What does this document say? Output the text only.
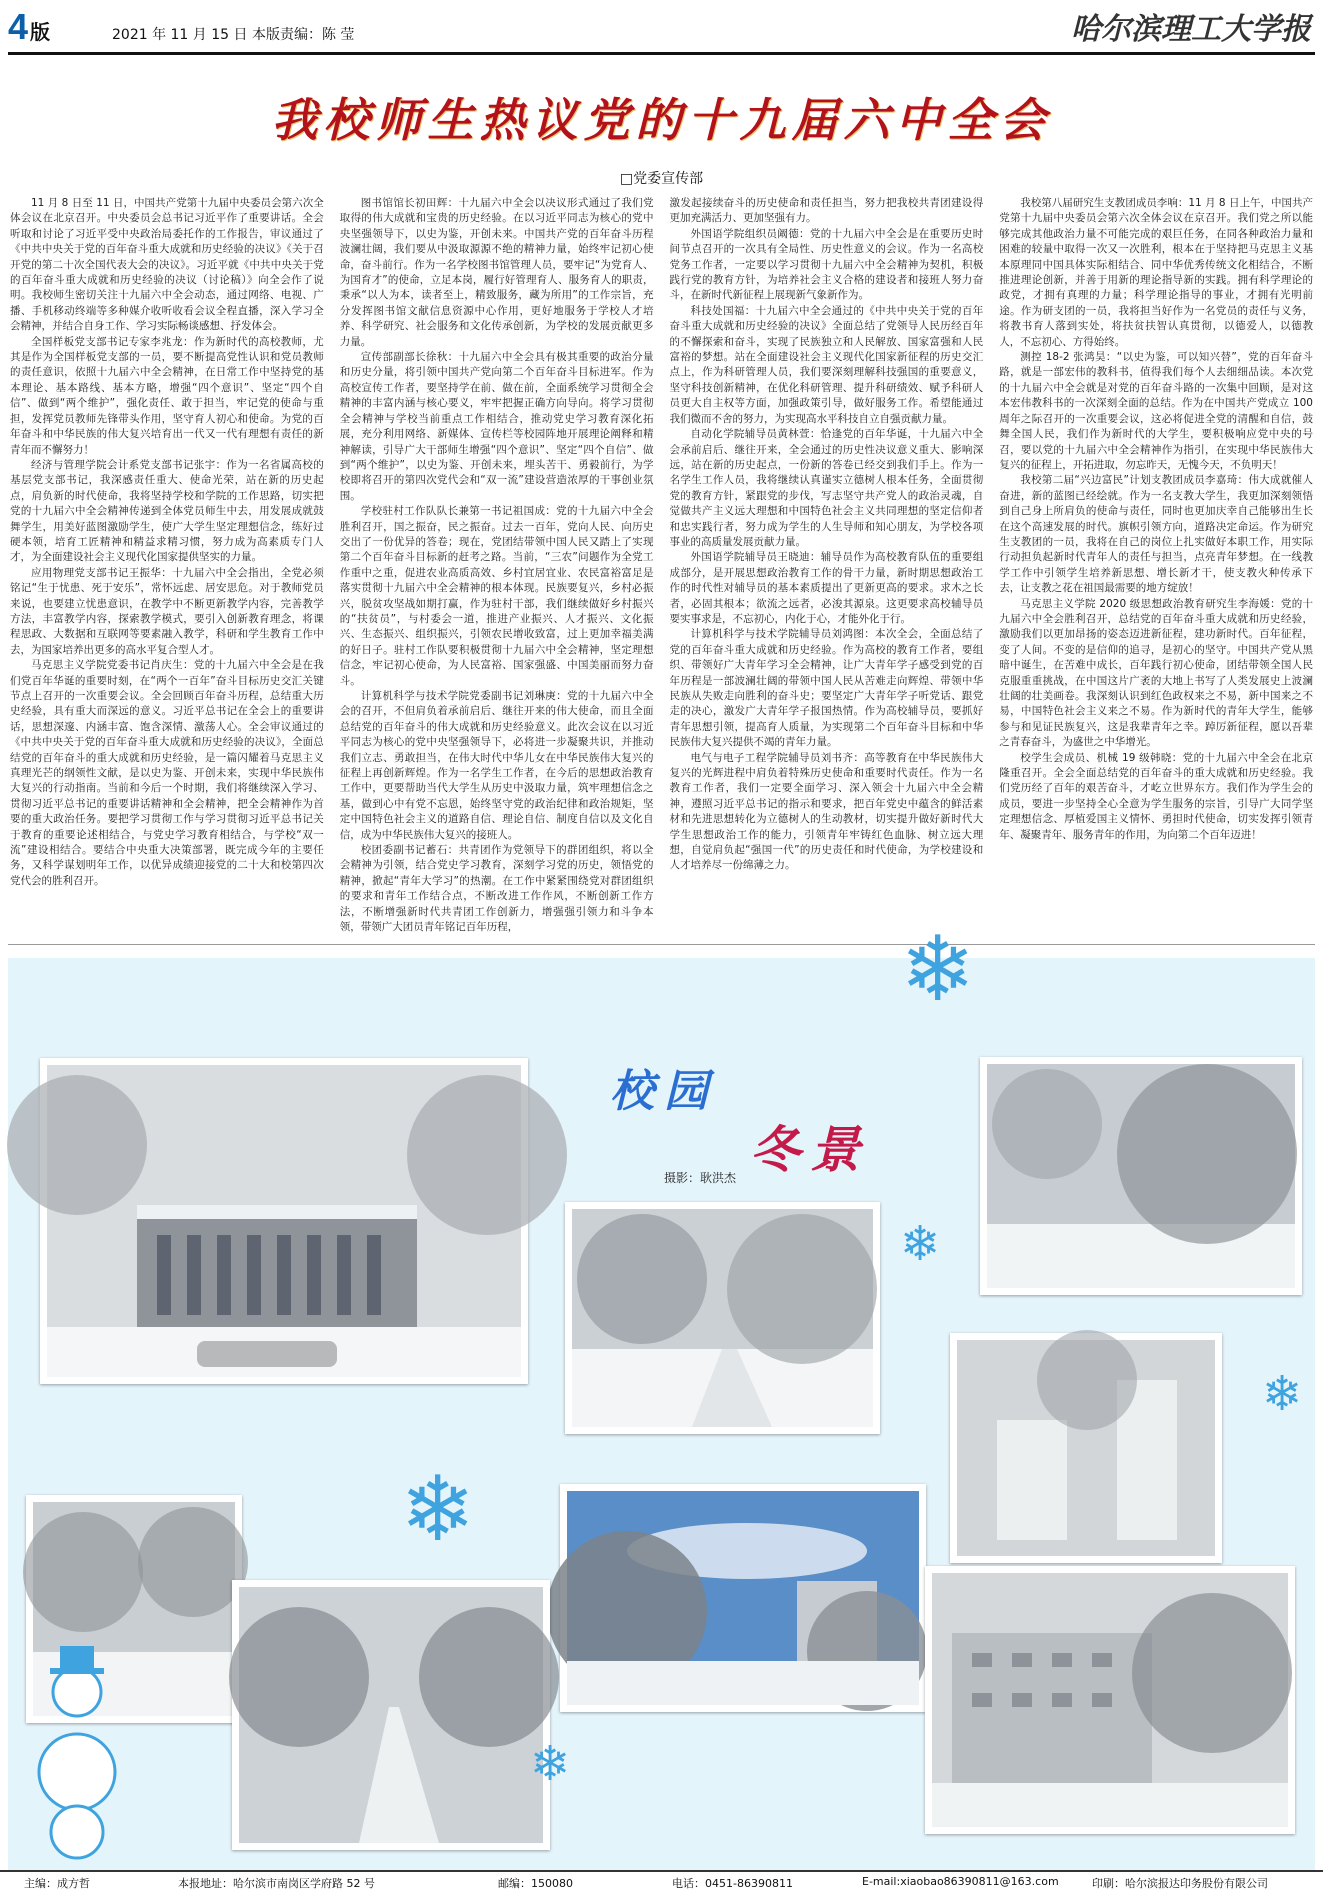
4 版	2021 年 11 月 15 日 本版责编：陈 莹	哈尔滨理工大学报
我校师生热议党的十九届六中全会
□党委宣传部

11 月 8 日至 11 日，中国共产党第十九届中央委员会第六次全体会议在北京召开。中央委员会总书记习近平作了重要讲话。全会听取和讨论了习近平受中央政治局委托作的工作报告，审议通过了《中共中央关于党的百年奋斗重大成就和历史经验的决议》《关于召开党的第二十次全国代表大会的决议》。习近平就《中共中央关于党的百年奋斗重大成就和历史经验的决议（讨论稿）》向全会作了说明。我校师生密切关注十九届六中全会动态，通过网络、电视、广播、手机移动终端等多种媒介收听收看会议全程直播，深入学习全会精神，并结合自身工作、学习实际畅谈感想、抒发体会。

全国样板党支部书记专家李兆龙：作为新时代的高校教师，尤其是作为全国样板党支部的一员，要不断提高党性认识和党员教师的责任意识，依照十九届六中全会精神，在日常工作中坚持党的基本理论、基本路线、基本方略，增强“四个意识”、坚定“四个自信”、做到“两个维护”，强化责任、敢于担当，牢记党的使命与重担，发挥党员教师先锋带头作用，坚守育人初心和使命。为党的百年奋斗和中华民族的伟大复兴培育出一代又一代有理想有责任的新青年而不懈努力！

经济与管理学院会计系党支部书记张宇：作为一名省属高校的基层党支部书记，我深感责任重大、使命光荣，站在新的历史起点，肩负新的时代使命，我将坚持学校和学院的工作思路，切实把党的十九届六中全会精神传递到全体党员师生中去，用发展成就鼓舞学生，用美好蓝图激励学生，使广大学生坚定理想信念，练好过硬本领，培育工匠精神和精益求精习惯，努力成为高素质专门人才，为全面建设社会主义现代化国家提供坚实的力量。

应用物理党支部书记王振华：十九届六中全会指出，全党必须铭记“生于忧患、死于安乐”，常怀远虑、居安思危。对于教师党员来说，也要建立忧患意识，在教学中不断更新教学内容，完善教学方法，丰富教学内容，探索教学模式，要引入创新教育理念，将课程思政、大数据和互联网等要素融入教学，科研和学生教育工作中去，为国家培养出更多的高水平复合型人才。

马克思主义学院党委书记肖庆生：党的十九届六中全会是在我们党百年华诞的重要时刻，在“两个一百年”奋斗目标历史交汇关键节点上召开的一次重要会议。全会回顾百年奋斗历程，总结重大历史经验，具有重大而深远的意义。习近平总书记在全会上的重要讲话，思想深邃、内涵丰富、饱含深情、激荡人心。全会审议通过的《中共中央关于党的百年奋斗重大成就和历史经验的决议》，全面总结党的百年奋斗的重大成就和历史经验，是一篇闪耀着马克思主义真理光芒的纲领性文献，是以史为鉴、开创未来，实现中华民族伟大复兴的行动指南。当前和今后一个时期，我们将继续深入学习、贯彻习近平总书记的重要讲话精神和全会精神，把全会精神作为首要的重大政治任务。要把学习贯彻工作与学习贯彻习近平总书记关于教育的重要论述相结合，与党史学习教育相结合，与学校“双一流”建设相结合。要结合中央重大决策部署，既完成今年的主要任务，又科学谋划明年工作，以优异成绩迎接党的二十大和校第四次党代会的胜利召开。

图书馆馆长初田辉：十九届六中全会以决议形式通过了我们党取得的伟大成就和宝贵的历史经验。在以习近平同志为核心的党中央坚强领导下，以史为鉴，开创未来。中国共产党的百年奋斗历程波澜壮阔，我们要从中汲取源源不绝的精神力量，始终牢记初心使命，奋斗前行。作为一名学校图书馆管理人员，要牢记“为党育人、为国育才”的使命，立足本岗，履行好管理育人、服务育人的职责，秉承“以人为本，读者至上，精致服务，藏为所用”的工作宗旨，充分发挥图书馆文献信息资源中心作用，更好地服务于学校人才培养、科学研究、社会服务和文化传承创新，为学校的发展贡献更多力量。

宣传部副部长徐秋：十九届六中全会具有极其重要的政治分量和历史分量，将引领中国共产党向第二个百年奋斗目标进军。作为高校宣传工作者，要坚持学在前、做在前，全面系统学习贯彻全会精神的丰富内涵与核心要义，牢牢把握正确方向导向。将学习贯彻全会精神与学校当前重点工作相结合，推动党史学习教育深化拓展，充分利用网络、新媒体、宣传栏等校园阵地开展理论阐释和精神解读，引导广大干部师生增强“四个意识”、坚定“四个自信”、做到“两个维护”，以史为鉴、开创未来，埋头苦干、勇毅前行，为学校即将召开的第四次党代会和“双一流”建设营造浓厚的干事创业氛围。

学校驻村工作队队长兼第一书记祖国成：党的十九届六中全会胜利召开，国之振奋，民之振奋。过去一百年，党向人民、向历史交出了一份优异的答卷；现在，党团结带领中国人民又踏上了实现第二个百年奋斗目标新的赶考之路。当前，“三农”问题作为全党工作重中之重，促进农业高质高效、乡村宜居宜业、农民富裕富足是落实贯彻十九届六中全会精神的根本体现。民族要复兴，乡村必振兴，脱贫攻坚战如期打赢，作为驻村干部，我们继续做好乡村振兴的“扶贫员”，与村委会一道，推进产业振兴、人才振兴、文化振兴、生态振兴、组织振兴，引领农民增收致富，过上更加幸福美满的好日子。驻村工作队要积极贯彻十九届六中全会精神，坚定理想信念，牢记初心使命，为人民富裕、国家强盛、中国美丽而努力奋斗。

计算机科学与技术学院党委副书记刘琳庚：党的十九届六中全会的召开，不但肩负着承前启后、继往开来的伟大使命，而且全面总结党的百年奋斗的伟大成就和历史经验意义。此次会议在以习近平同志为核心的党中央坚强领导下，必将进一步凝聚共识，并推动我们立志、勇敢担当，在伟大时代中华儿女在中华民族伟大复兴的征程上再创新辉煌。作为一名学生工作者，在今后的思想政治教育工作中，更要帮助当代大学生从历史中汲取力量，筑牢理想信念之基，做到心中有党不忘恩，始终坚守党的政治纪律和政治规矩，坚定中国特色社会主义的道路自信、理论自信、制度自信以及文化自信，成为中华民族伟大复兴的接班人。

校团委副书记蓄石：共青团作为党领导下的群团组织，将以全会精神为引领，结合党史学习教育，深刻学习党的历史，领悟党的精神，掀起“青年大学习”的热潮。在工作中紧紧围绕党对群团组织的要求和青年工作结合点，不断改进工作作风，不断创新工作方法，不断增强新时代共青团工作创新力，增强强引领力和斗争本领，带领广大团员青年铭记百年历程，

激发起接续奋斗的历史使命和责任担当，努力把我校共青团建设得更加充满活力、更加坚强有力。

外国语学院组织员阚德：党的十九届六中全会是在重要历史时间节点召开的一次具有全局性、历史性意义的会议。作为一名高校党务工作者，一定要以学习贯彻十九届六中全会精神为契机，积极践行党的教育方针，为培养社会主义合格的建设者和接班人努力奋斗，在新时代新征程上展现新气象新作为。

科技处国福：十九届六中全会通过的《中共中央关于党的百年奋斗重大成就和历史经验的决议》全面总结了党领导人民历经百年的不懈探索和奋斗，实现了民族独立和人民解放、国家富强和人民富裕的梦想。站在全面建设社会主义现代化国家新征程的历史交汇点上，作为科研管理人员，我们要深刻理解科技强国的重要意义，坚守科技创新精神，在优化科研管理、提升科研绩效、赋予科研人员更大自主权等方面，加强政策引导，做好服务工作。希望能通过我们微而不舍的努力，为实现高水平科技自立自强贡献力量。

自动化学院辅导员黄林萱：恰逢党的百年华诞，十九届六中全会承前启后、继往开来，全会通过的历史性决议意义重大、影响深远，站在新的历史起点，一份新的答卷已经交到我们手上。作为一名学生工作人员，我将继续认真谨实立德树人根本任务，全面贯彻党的教育方针，紧跟党的步伐，写志坚守共产党人的政治灵魂，自觉做共产主义远大理想和中国特色社会主义共同理想的坚定信仰者和忠实践行者，努力成为学生的人生导师和知心朋友，为学校各项事业的高质量发展贡献力量。

外国语学院辅导员王晓迪：辅导员作为高校教育队伍的重要组成部分，是开展思想政治教育工作的骨干力量，新时期思想政治工作的时代性对辅导员的基本素质提出了更新更高的要求。求木之长者，必固其根本；欲流之远者，必浚其源泉。这更要求高校辅导员要实事求是，不忘初心，内化于心，才能外化于行。

计算机科学与技术学院辅导员刘鸿图：本次全会，全面总结了党的百年奋斗重大成就和历史经验。作为高校的教育工作者，要组织、带领好广大青年学习全会精神，让广大青年学子感受到党的百年历程是一部波澜壮阔的带领中国人民从苦难走向辉煌、带领中华民族从失败走向胜利的奋斗史；要坚定广大青年学子听党话、跟党走的决心，激发广大青年学子报国热情。作为高校辅导员，要抓好青年思想引领，提高育人质量，为实现第二个百年奋斗目标和中华民族伟大复兴提供不竭的青年力量。

电气与电子工程学院辅导员刘书齐：高等教育在中华民族伟大复兴的光辉进程中肩负着特殊历史使命和重要时代责任。作为一名教育工作者，我们一定要全面学习、深入领会十九届六中全会精神，遵照习近平总书记的指示和要求，把百年党史中蕴含的鲜活素材和先进思想转化为立德树人的生动教材，切实提升做好新时代大学生思想政治工作的能力，引领青年牢铸红色血脉、树立远大理想，自觉肩负起“强国一代”的历史责任和时代使命，为学校建设和人才培养尽一份绵薄之力。

我校第八届研究生支教团成员李响：11 月 8 日上午，中国共产党第十九届中央委员会第六次全体会议在京召开。我们党之所以能够完成其他政治力量不可能完成的艰巨任务，在同各种政治力量和困难的较量中取得一次又一次胜利，根本在于坚持把马克思主义基本原理同中国具体实际相结合、同中华优秀传统文化相结合，不断推进理论创新，并善于用新的理论指导新的实践。拥有科学理论的政党，才拥有真理的力量；科学理论指导的事业，才拥有光明前途。作为研支团的一员，我将担当好作为一名党员的责任与义务，将教书育人落到实处，将扶贫扶智认真贯彻，以德爱人，以德教人，不忘初心、方得始终。

测控 18-2 张鸿昊：“以史为鉴，可以知兴替”，党的百年奋斗路，就是一部宏伟的教科书，值得我们每个人去细细品读。本次党的十九届六中全会就是对党的百年奋斗路的一次集中回顾，是对这本宏伟教科书的一次深刻全面的总结。作为在中国共产党成立 100 周年之际召开的一次重要会议，这必将促进全党的清醒和自信，鼓舞全国人民，我们作为新时代的大学生，要积极响应党中央的号召，要以党的十九届六中全会精神作为指引，在实现中华民族伟大复兴的征程上，开拓进取，勿忘昨天，无愧今天，不负明天！

我校第二届“兴边富民”计划支教团成员李嘉琦：伟大成就催人奋进，新的蓝图已经绘就。作为一名支教大学生，我更加深刻领悟到自己身上所肩负的使命与责任，同时也更加庆幸自己能够出生长在这个高速发展的时代。旗帜引领方向，道路决定命运。作为研究生支教团的一员，我将在自己的岗位上扎实做好本职工作，用实际行动担负起新时代青年人的责任与担当，点亮青年梦想。在一线教学工作中引领学生培养新思想、增长新才干，使支教火种传承下去，让支教之花在祖国最需要的地方绽放！

马克思主义学院 2020 级思想政治教育研究生李海媛：党的十九届六中全会胜利召开，总结党的百年奋斗重大成就和历史经验，激励我们以更加昂扬的姿态迈进新征程，建功新时代。百年征程，变了人间。不变的是信仰的追寻，是初心的坚守。中国共产党从黑暗中诞生，在苦难中成长，百年践行初心使命，团结带领全国人民克服重重挑战，在中国这片广袤的大地上书写了人类发展史上波澜壮阔的壮美画卷。我深刻认识到红色政权来之不易，新中国来之不易，中国特色社会主义来之不易。作为新时代的青年大学生，能够参与和见证民族复兴，这是我辈青年之幸。踔厉新征程，愿以吾辈之青春奋斗，为盛世之中华增光。

校学生会成员、机械 19 级韩晓：党的十九届六中全会在北京隆重召开。全会全面总结党的百年奋斗的重大成就和历史经验。我们党历经了百年的艰苦奋斗，才屹立世界东方。我们作为学生会的成员，要进一步坚持全心全意为学生服务的宗旨，引导广大同学坚定理想信念、厚植爱国主义情怀、勇担时代使命，切实发挥引领青年、凝聚青年、服务青年的作用，为向第二个百年迈进！

❄
❄
❄
❄
❄
校园
冬景
摄影：耿洪杰
主编：成方哲	本报地址：哈尔滨市南岗区学府路 52 号	邮编：150080	电话：0451-86390811	E-mail:xiaobao86390811@163.com	印刷：哈尔滨报达印务股份有限公司
